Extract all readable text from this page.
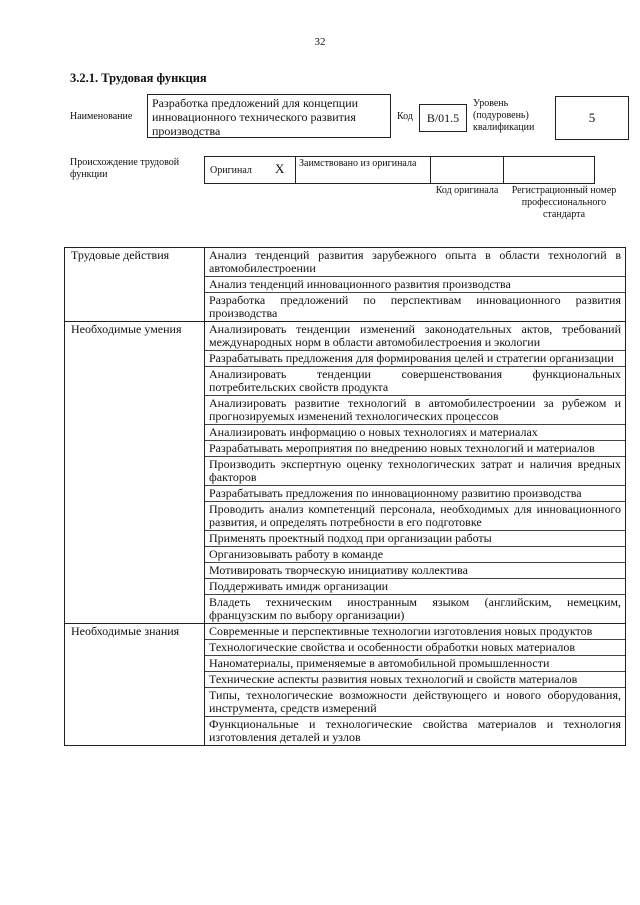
32
3.2.1. Трудовая функция
Наименование
Разработка предложений для концепции инновационного технического развития производства
Код	B/01.5
Уровень (подуровень) квалификации
5
Происхождение трудовой функции	Оригинал X	Заимствовано из оригинала
Код оригинала	Регистрационный номер профессионального стандарта
Трудовые действия	Анализ тенденций развития зарубежного опыта в области технологий в автомобилестроении
Анализ тенденций инновационного развития производства
Разработка предложений по перспективам инновационного развития производства
Необходимые умения	Анализировать тенденции изменений законодательных актов, требований международных норм в области автомобилестроения и экологии
Разрабатывать предложения для формирования целей и стратегии организации
Анализировать тенденции совершенствования функциональных потребительских свойств продукта
Анализировать развитие технологий в автомобилестроении за рубежом и прогнозируемых изменений технологических процессов
Анализировать информацию о новых технологиях и материалах
Разрабатывать мероприятия по внедрению новых технологий и материалов
Производить экспертную оценку технологических затрат и наличия вредных факторов
Разрабатывать предложения по инновационному развитию производства
Проводить анализ компетенций персонала, необходимых для инновационного развития, и определять потребности в его подготовке
Применять проектный подход при организации работы
Организовывать работу в команде
Мотивировать творческую инициативу коллектива
Поддерживать имидж организации
Владеть техническим иностранным языком (английским, немецким, французским по выбору организации)
Необходимые знания	Современные и перспективные технологии изготовления новых продуктов
Технологические свойства и особенности обработки новых материалов
Наноматериалы, применяемые в автомобильной промышленности
Технические аспекты развития новых технологий и свойств материалов
Типы, технологические возможности действующего и нового оборудования, инструмента, средств измерений
Функциональные и технологические свойства материалов и технология изготовления деталей и узлов
